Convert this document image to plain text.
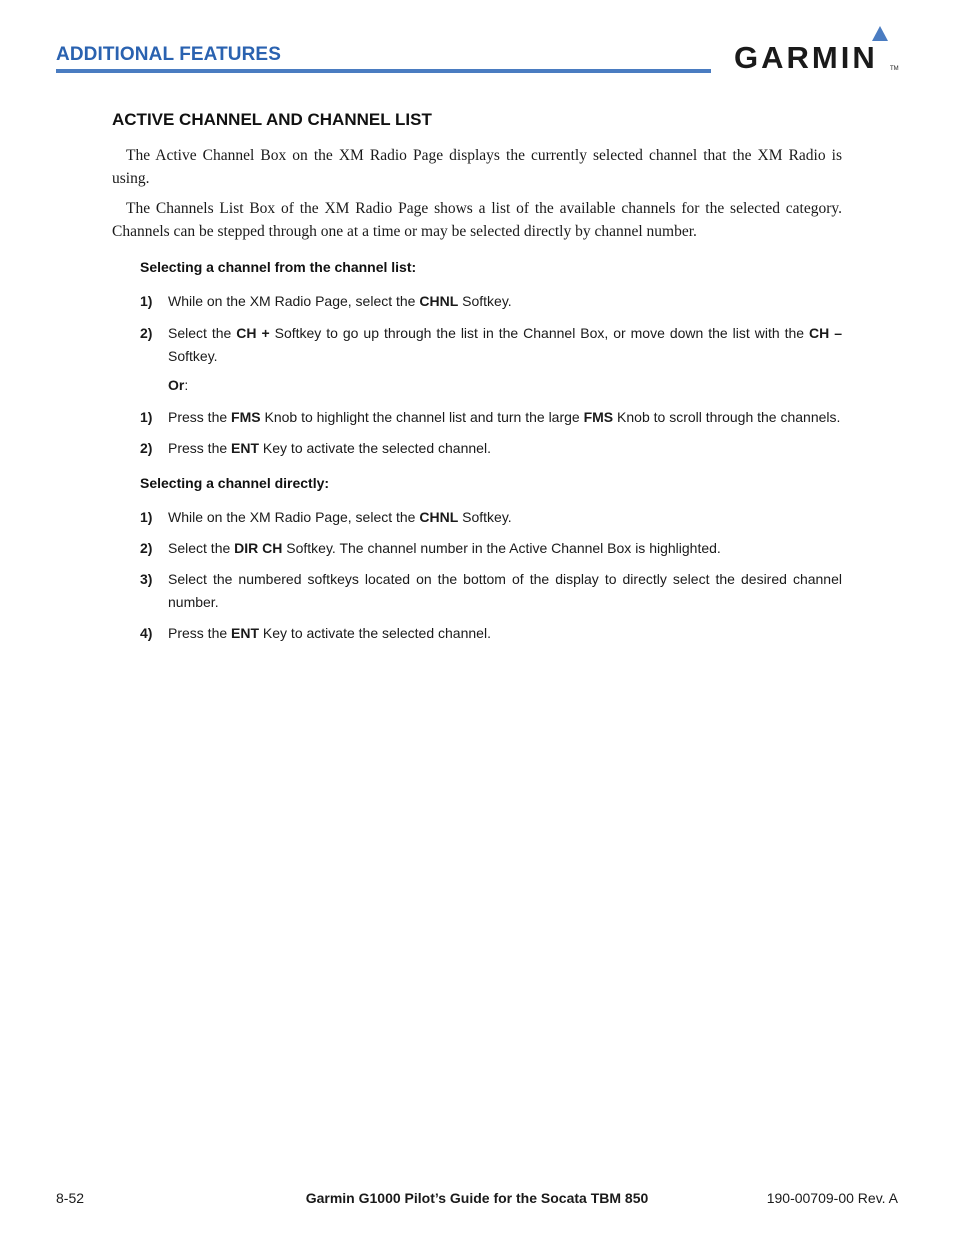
ADDITIONAL FEATURES	GARMIN TM
ACTIVE CHANNEL AND CHANNEL LIST
The Active Channel Box on the XM Radio Page displays the currently selected channel that the XM Radio is using.
The Channels List Box of the XM Radio Page shows a list of the available channels for the selected category. Channels can be stepped through one at a time or may be selected directly by channel number.
Selecting a channel from the channel list:
1) While on the XM Radio Page, select the CHNL Softkey.
2) Select the CH + Softkey to go up through the list in the Channel Box, or move down the list with the CH – Softkey.
Or:
1) Press the FMS Knob to highlight the channel list and turn the large FMS Knob to scroll through the channels.
2) Press the ENT Key to activate the selected channel.
Selecting a channel directly:
1) While on the XM Radio Page, select the CHNL Softkey.
2) Select the DIR CH Softkey. The channel number in the Active Channel Box is highlighted.
3) Select the numbered softkeys located on the bottom of the display to directly select the desired channel number.
4) Press the ENT Key to activate the selected channel.
8-52	Garmin G1000 Pilot’s Guide for the Socata TBM 850	190-00709-00 Rev. A
